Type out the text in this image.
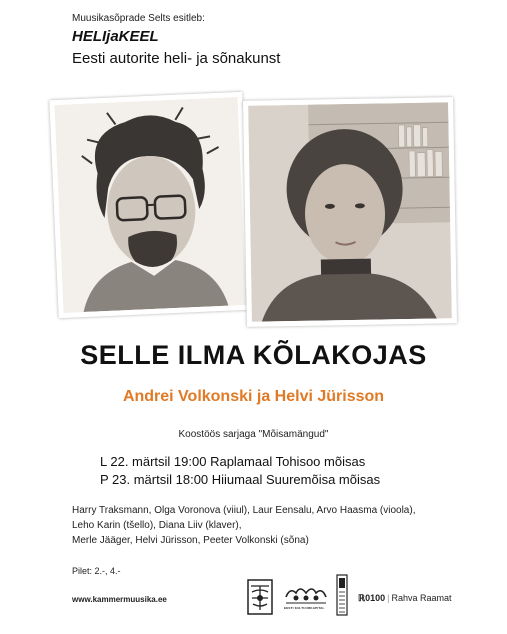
Muusikasõprade Selts esitleb:
HELIjaKEEL
Eesti autorite heli- ja sõnakunst
SELLE ILMA KÕLAKOJAS
Andrei Volkonski ja Helvi Jürisson
Koostöös sarjaga "Mõisamängud"
L 22. märtsil 19:00 Raplamaal Tohisoo mõisas
P 23. märtsil 18:00 Hiiumaal Suuremõisa mõisas
Harry Traksmann, Olga Voronova (viiul), Laur Eensalu, Arvo Haasma (vioola),
Leho Karin (tšello), Diana Liiv (klaver),
Merle Jääger, Helvi Jürisson, Peeter Volkonski (sõna)
Pilet: 2.-, 4.-
www.kammermuusika.ee
EESTI KULTUURKAPITAL
ℝ0100 | Rahva Raamat
